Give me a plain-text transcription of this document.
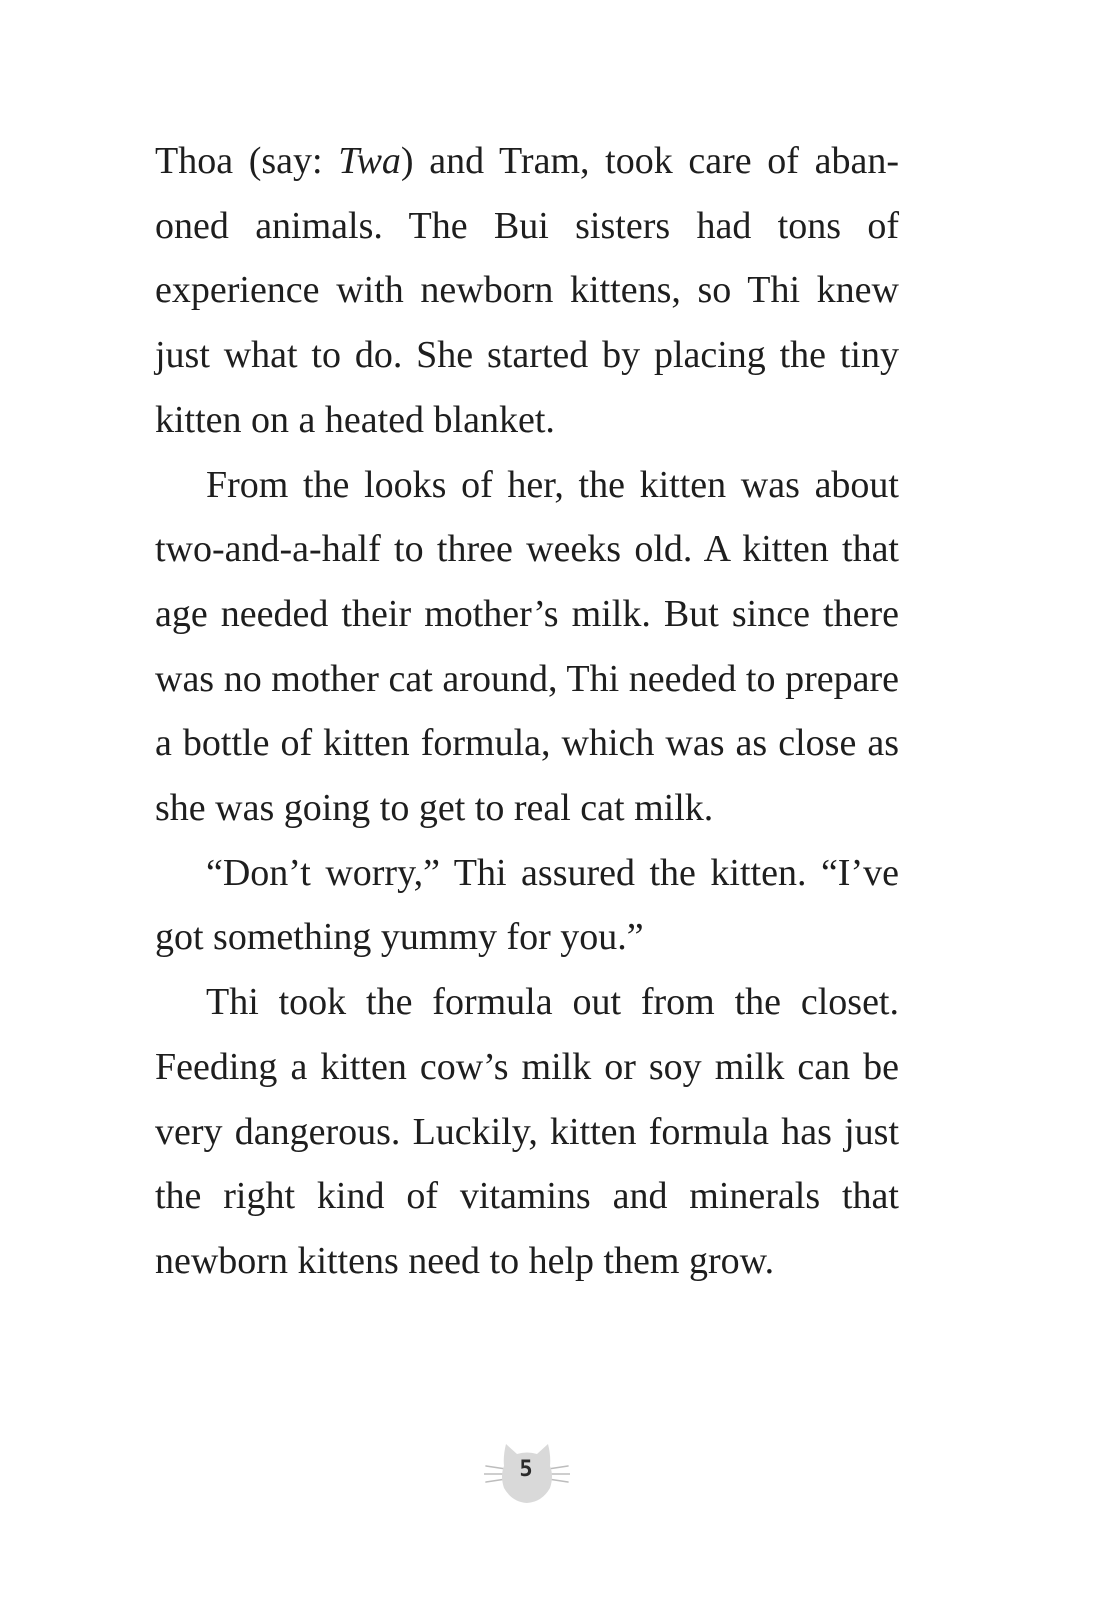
Thoa (say: Twa) and Tram, took care of abanoned animals. The Bui sisters had tons of experience with newborn kittens, so Thi knew just what to do. She started by placing the tiny kitten on a heated blanket.

From the looks of her, the kitten was about two-and-a-half to three weeks old. A kitten that age needed their mother’s milk. But since there was no mother cat around, Thi needed to prepare a bottle of kitten formula, which was as close as she was going to get to real cat milk.

“Don’t worry,” Thi assured the kitten. “I’ve got something yummy for you.”

Thi took the formula out from the closet. Feeding a kitten cow’s milk or soy milk can be very dangerous. Luckily, kitten formula has just the right kind of vitamins and minerals that newborn kittens need to help them grow.

5
